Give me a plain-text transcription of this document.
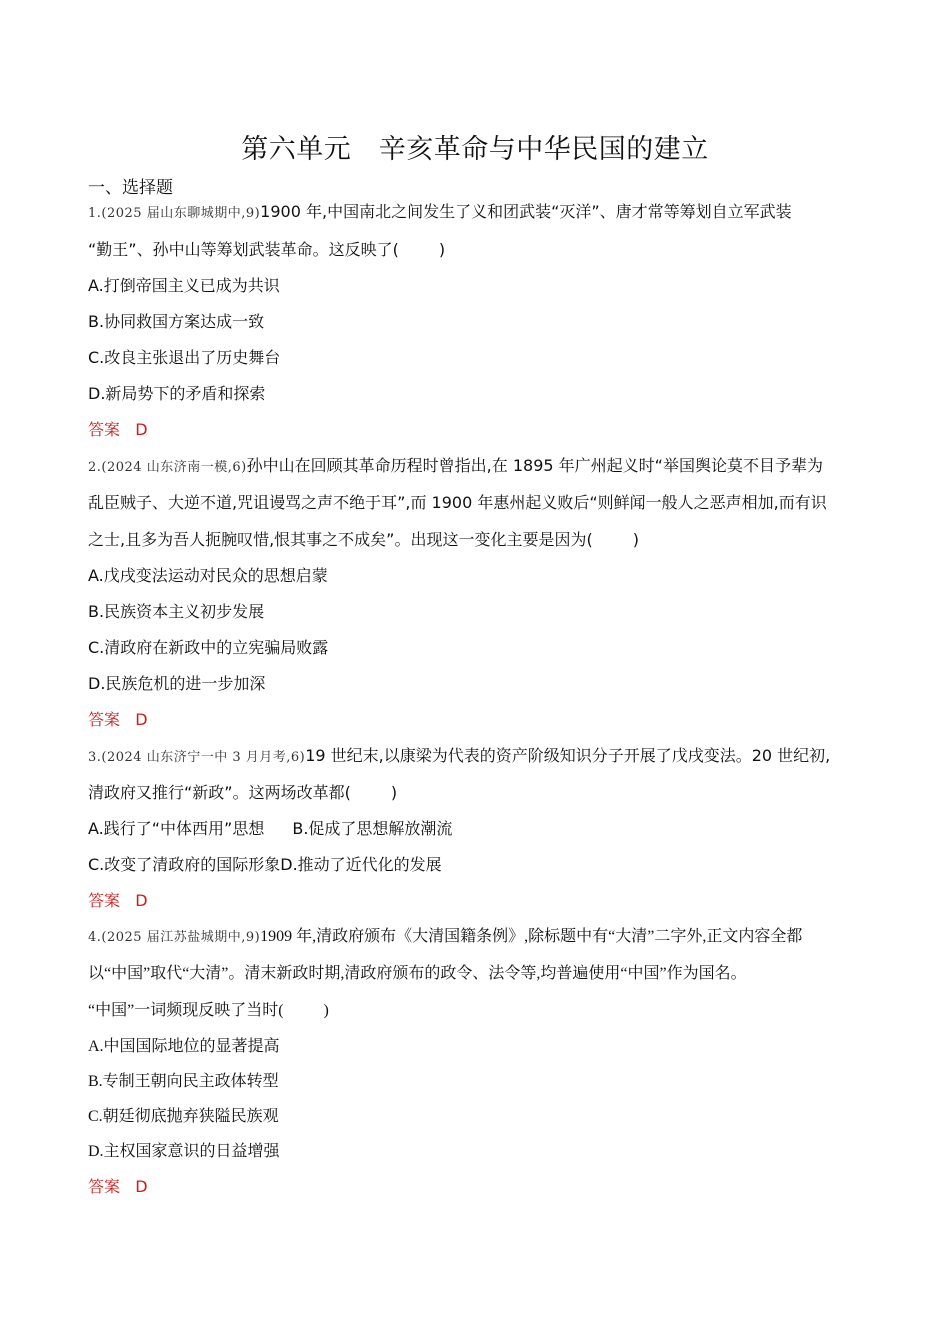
第六单元　辛亥革命与中华民国的建立
一、选择题
1.(2025 届山东聊城期中,9)1900 年,中国南北之间发生了义和团武装“灭洋”、唐才常等筹划自立军武装
“勤王”、孙中山等筹划武装革命。这反映了(	)
A.打倒帝国主义已成为共识
B.协同救国方案达成一致
C.改良主张退出了历史舞台
D.新局势下的矛盾和探索
答案 D
2.(2024 山东济南一模,6)孙中山在回顾其革命历程时曾指出,在 1895 年广州起义时“举国舆论莫不目予辈为
乱臣贼子、大逆不道,咒诅谩骂之声不绝于耳”,而 1900 年惠州起义败后“则鲜闻一般人之恶声相加,而有识
之士,且多为吾人扼腕叹惜,恨其事之不成矣”。出现这一变化主要是因为(	)
A.戊戌变法运动对民众的思想启蒙
B.民族资本主义初步发展
C.清政府在新政中的立宪骗局败露
D.民族危机的进一步加深
答案 D
3.(2024 山东济宁一中 3 月月考,6)19 世纪末,以康梁为代表的资产阶级知识分子开展了戊戌变法。20 世纪初,
清政府又推行“新政”。这两场改革都(	)
A.践行了“中体西用”思想 B.促成了思想解放潮流
C.改变了清政府的国际形象D.推动了近代化的发展
答案 D
4.(2025 届江苏盐城期中,9)1909 年,清政府颁布《大清国籍条例》,除标题中有“大清”二字外,正文内容全都
以“中国”取代“大清”。清末新政时期,清政府颁布的政令、法令等,均普遍使用“中国”作为国名。
“中国”一词频现反映了当时(	)
A.中国国际地位的显著提高
B.专制王朝向民主政体转型
C.朝廷彻底抛弃狭隘民族观
D.主权国家意识的日益增强
答案 D
